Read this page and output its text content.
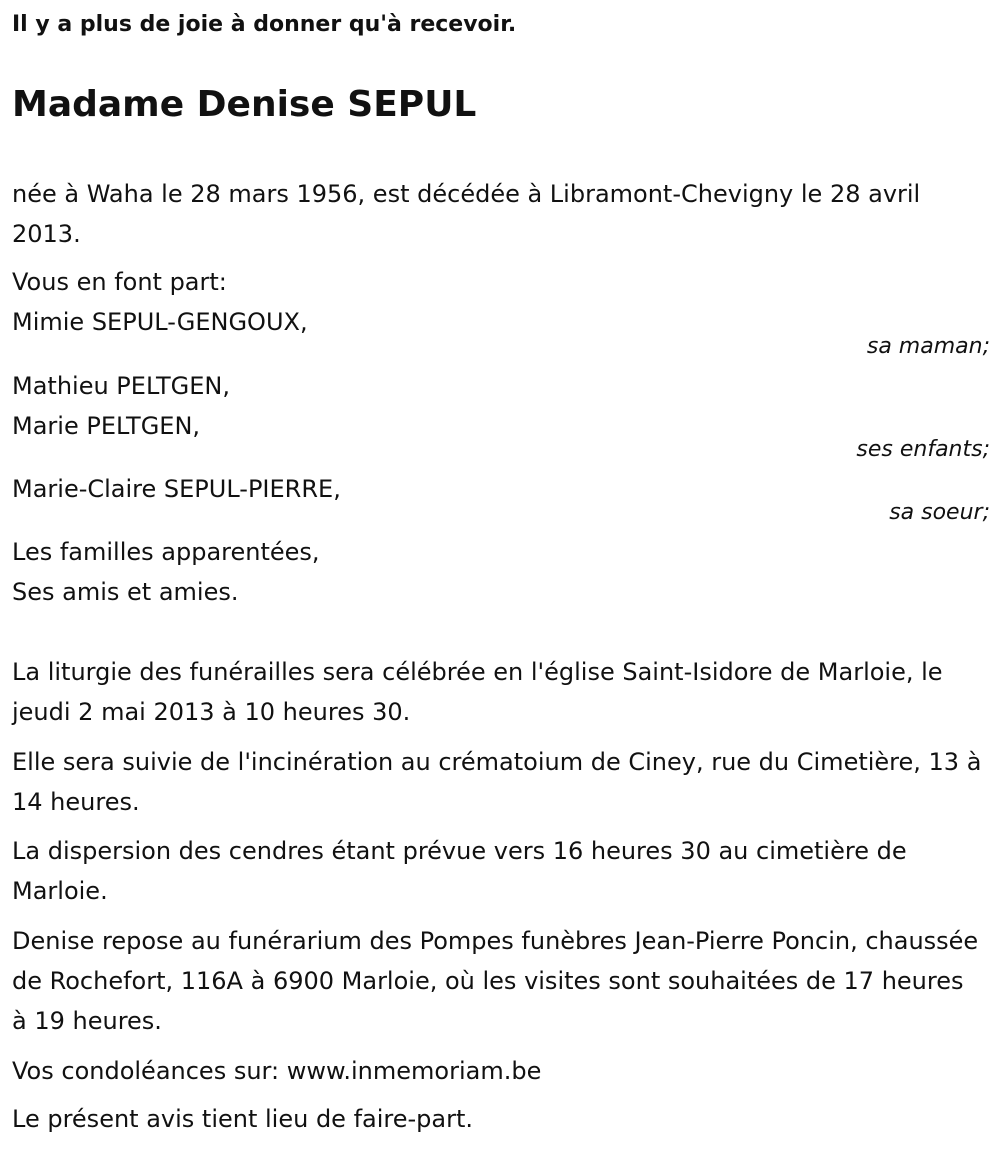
Il y a plus de joie à donner qu'à recevoir.
Madame Denise SEPUL
née à Waha le 28 mars 1956, est décédée à Libramont-Chevigny le 28 avril 2013.
Vous en font part:
Mimie SEPUL-GENGOUX,
sa maman;
Mathieu PELTGEN,
Marie PELTGEN,
ses enfants;
Marie-Claire SEPUL-PIERRE,
sa soeur;
Les familles apparentées,
Ses amis et amies.
La liturgie des funérailles sera célébrée en l'église Saint-Isidore de Marloie, le jeudi 2 mai 2013 à 10 heures 30.
Elle sera suivie de l'incinération au crématoium de Ciney, rue du Cimetière, 13 à 14 heures.
La dispersion des cendres étant prévue vers 16 heures 30 au cimetière de Marloie.
Denise repose au funérarium des Pompes funèbres Jean-Pierre Poncin, chaussée de Rochefort, 116A à 6900 Marloie, où les visites sont souhaitées de 17 heures à 19 heures.
Vos condoléances sur: www.inmemoriam.be
Le présent avis tient lieu de faire-part.
